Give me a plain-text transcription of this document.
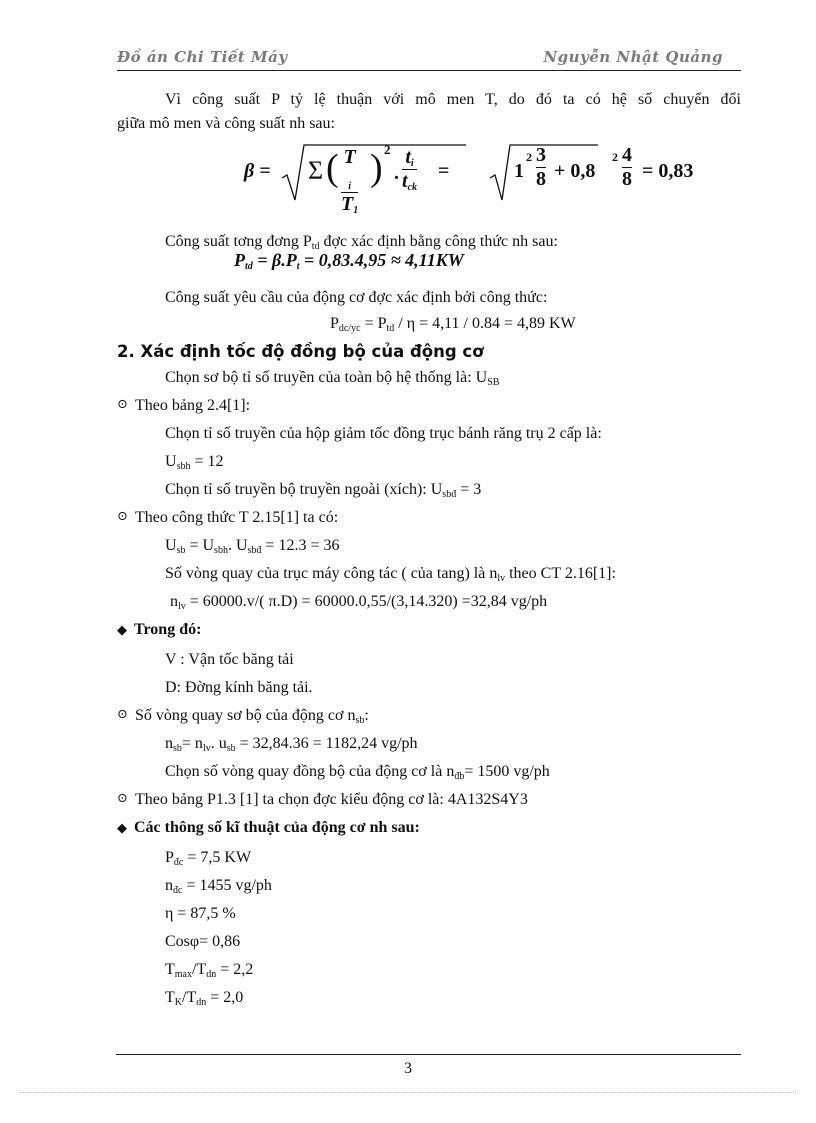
Đồ án Chi Tiết Máy	Nguyễn Nhật Quảng
Vì công suất P tỷ lệ thuận với mô men T, do đó ta có hệ số chuyển đổi
giữa mô men và công suất nh sau:
β = Σ ( T
$_i$
$T_1$ ) 2
.
$t_i$
$t_{ck}$
=	1
$2 \frac{3}{8} + 0,8$
$2 \frac{4}{8} = 0,83$
Công suất tơng đơng $P_{td}$ đợc xác định bằng công thức nh sau:
$P_{td} = \beta.P_t = 0,83.4,95 \approx 4,11KW$
Công suất yêu cầu của động cơ đợc xác định bởi công thức:
$P_{dc/yc} = P_{td} / \eta = 4,11 / 0.84 = 4,89$ KW
2. Xác định tốc độ đồng bộ của động cơ
Chọn sơ bộ tỉ số truyền của toàn bộ hệ thống là: $U_{SB}$
⊙ Theo bảng 2.4[1]:
Chọn tỉ số truyền của hộp giảm tốc đồng trục bánh răng trụ 2 cấp là:
$U_{sbh} = 12$
Chọn tỉ số truyền bộ truyền ngoài (xích): $U_{sbđ} = 3$
⊙ Theo công thức T 2.15[1] ta có:
$U_{sb} = U_{sbh}$. $U_{sbđ} = 12.3 = 36$
Số vòng quay của trục máy công tác ( của tang) là $n_{lv}$ theo CT 2.16[1]:
$n_{lv} = 60000.v/$( π.D) = 60000.0,55/(3,14.320) =32,84 vg/ph
◆ Trong đó:
V : Vận tốc băng tải
D: Đờng kính băng tải.
⊙ Số vòng quay sơ bộ của động cơ $n_{sb}$:
$n_{sb}= n_{lv}$. $u_{sb} = 32,84.36 = 1182,24$ vg/ph
Chọn số vòng quay đồng bộ của động cơ là $n_{đb}= 1500$ vg/ph
⊙ Theo bảng P1.3 [1] ta chọn đợc kiểu động cơ là: 4A132S4Y3
◆ Các thông số kĩ thuật của động cơ nh sau:
$P_{đc} = 7,5$ KW
$n_{đc} = 1455$ vg/ph
η = 87,5 %
Cosφ= 0,86
$T_{max}/T_{dn} = 2,2$
$T_K/T_{dn} = 2,0$
3
